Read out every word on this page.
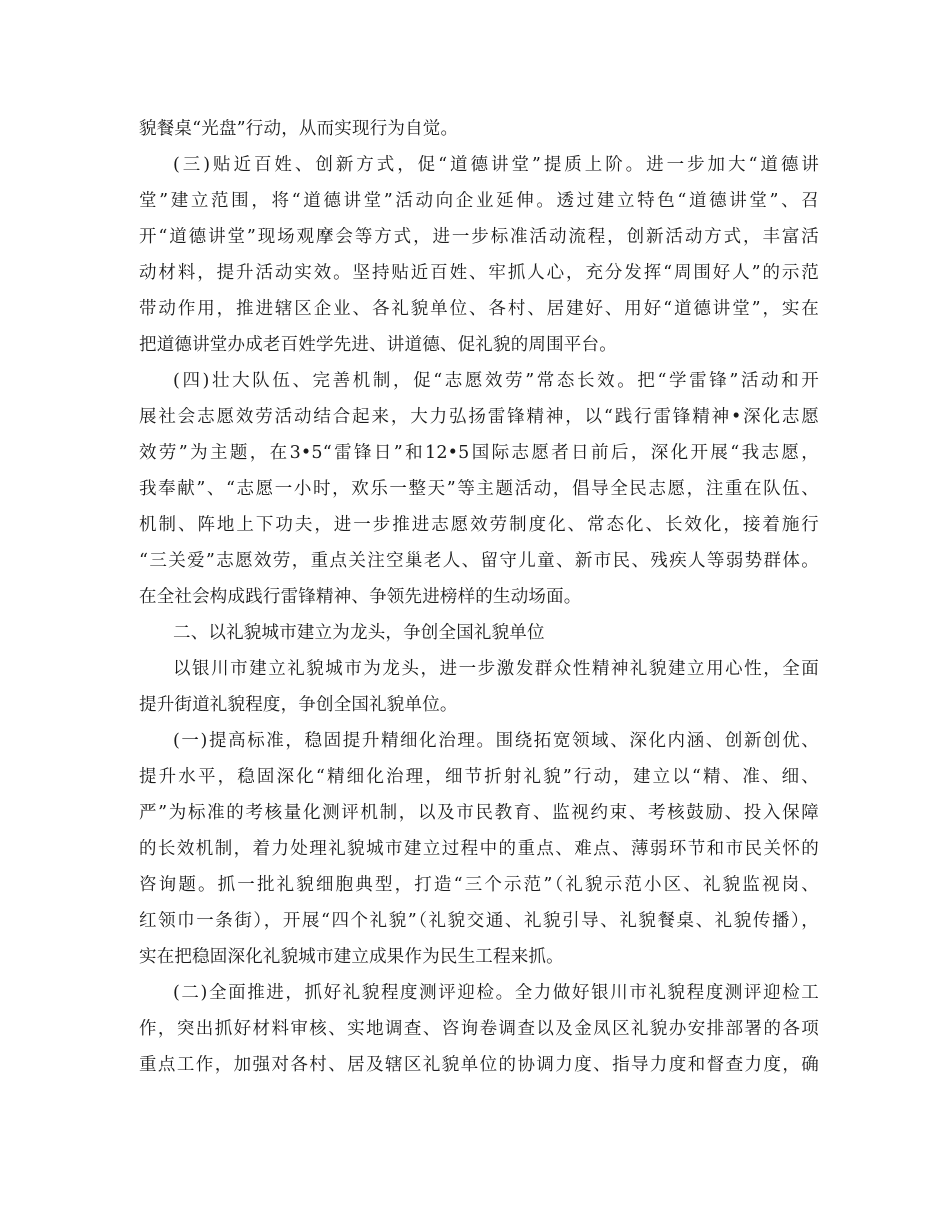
貌餐桌“光盘”行动，从而实现行为自觉。

(三)贴近百姓、创新方式，促“道德讲堂”提质上阶。进一步加大“道德讲

堂”建立范围，将“道德讲堂”活动向企业延伸。透过建立特色“道德讲堂”、召

开“道德讲堂”现场观摩会等方式，进一步标准活动流程，创新活动方式，丰富活

动材料，提升活动实效。坚持贴近百姓、牢抓人心，充分发挥“周围好人”的示范

带动作用，推进辖区企业、各礼貌单位、各村、居建好、用好“道德讲堂”，实在

把道德讲堂办成老百姓学先进、讲道德、促礼貌的周围平台。

(四)壮大队伍、完善机制，促“志愿效劳”常态长效。把“学雷锋”活动和开

展社会志愿效劳活动结合起来，大力弘扬雷锋精神，以“践行雷锋精神•深化志愿

效劳”为主题，在3•5“雷锋日”和12•5国际志愿者日前后，深化开展“我志愿，

我奉献”、“志愿一小时，欢乐一整天”等主题活动，倡导全民志愿，注重在队伍、

机制、阵地上下功夫，进一步推进志愿效劳制度化、常态化、长效化，接着施行

“三关爱”志愿效劳，重点关注空巢老人、留守儿童、新市民、残疾人等弱势群体。

在全社会构成践行雷锋精神、争领先进榜样的生动场面。

二、以礼貌城市建立为龙头，争创全国礼貌单位

以银川市建立礼貌城市为龙头，进一步激发群众性精神礼貌建立用心性，全面

提升街道礼貌程度，争创全国礼貌单位。

(一)提高标准，稳固提升精细化治理。围绕拓宽领域、深化内涵、创新创优、

提升水平，稳固深化“精细化治理，细节折射礼貌”行动，建立以“精、准、细、

严”为标准的考核量化测评机制，以及市民教育、监视约束、考核鼓励、投入保障

的长效机制，着力处理礼貌城市建立过程中的重点、难点、薄弱环节和市民关怀的

咨询题。抓一批礼貌细胞典型，打造“三个示范”（礼貌示范小区、礼貌监视岗、

红领巾一条街），开展“四个礼貌”（礼貌交通、礼貌引导、礼貌餐桌、礼貌传播），

实在把稳固深化礼貌城市建立成果作为民生工程来抓。

(二)全面推进，抓好礼貌程度测评迎检。全力做好银川市礼貌程度测评迎检工

作，突出抓好材料审核、实地调查、咨询卷调查以及金凤区礼貌办安排部署的各项

重点工作，加强对各村、居及辖区礼貌单位的协调力度、指导力度和督查力度，确
